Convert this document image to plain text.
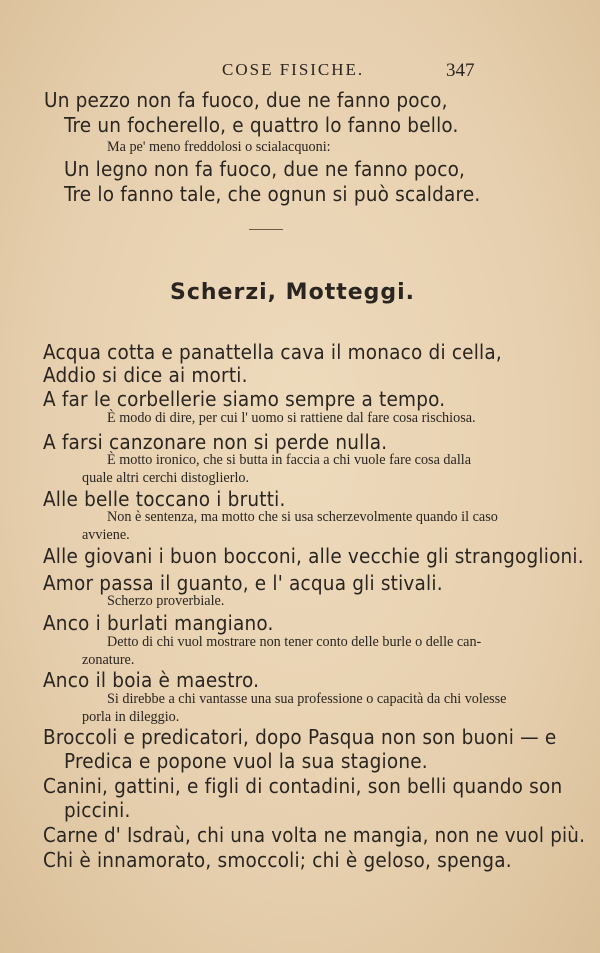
COSE FISICHE.	347
Un pezzo non fa fuoco, due ne fanno poco,
Tre un focherello, e quattro lo fanno bello.
Ma pe' meno freddolosi o scialacquoni:
Un legno non fa fuoco, due ne fanno poco,
Tre lo fanno tale, che ognun si può scaldare.
Scherzi, Motteggi.
Acqua cotta e panattella cava il monaco di cella,
Addio si dice ai morti.
A far le corbellerie siamo sempre a tempo.
È modo di dire, per cui l' uomo si rattiene dal fare cosa rischiosa.
A farsi canzonare non si perde nulla.
È motto ironico, che si butta in faccia a chi vuole fare cosa dalla
quale altri cerchi distoglierlo.
Alle belle toccano i brutti.
Non è sentenza, ma motto che si usa scherzevolmente quando il caso
avviene.
Alle giovani i buon bocconi, alle vecchie gli strangoglioni.
Amor passa il guanto, e l' acqua gli stivali.
Scherzo proverbiale.
Anco i burlati mangiano.
Detto di chi vuol mostrare non tener conto delle burle o delle can-
zonature.
Anco il boia è maestro.
Si direbbe a chi vantasse una sua professione o capacità da chi volesse
porla in dileggio.
Broccoli e predicatori, dopo Pasqua non son buoni — e
Predica e popone vuol la sua stagione.
Canini, gattini, e figli di contadini, son belli quando son
piccini.
Carne d' Isdraù, chi una volta ne mangia, non ne vuol più.
Chi è innamorato, smoccoli; chi è geloso, spenga.
